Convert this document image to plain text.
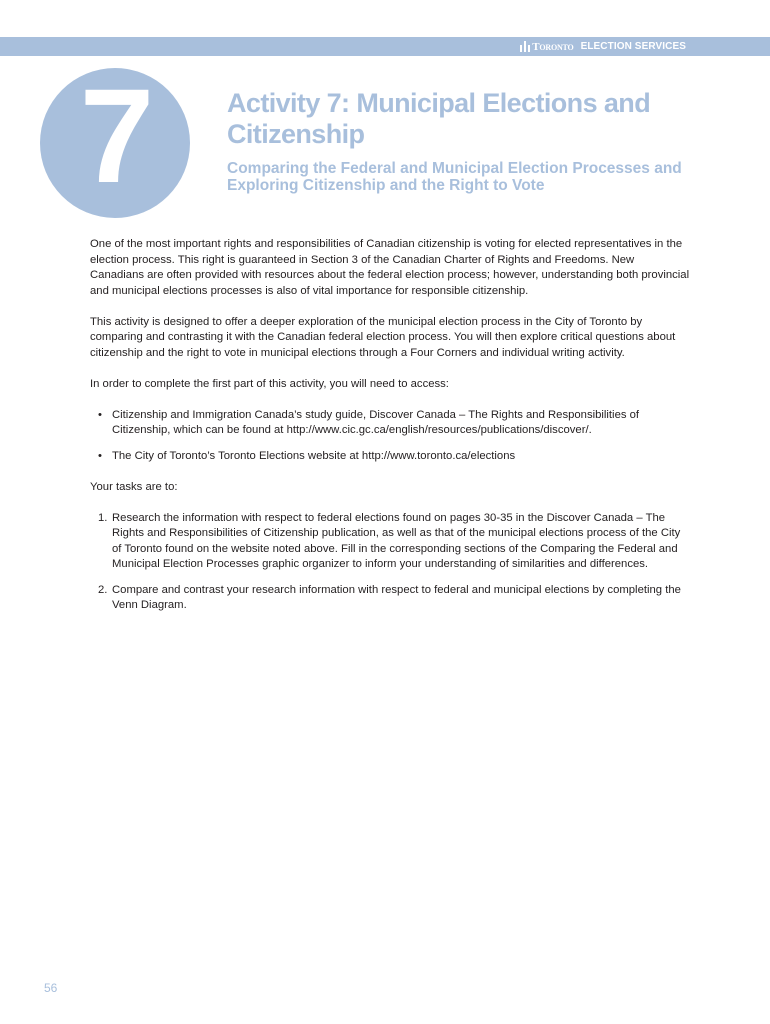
Toronto ELECTION SERVICES
7	Activity 7: Municipal Elections and Citizenship
Comparing the Federal and Municipal Election Processes and Exploring Citizenship and the Right to Vote

One of the most important rights and responsibilities of Canadian citizenship is voting for elected representatives in the election process. This right is guaranteed in Section 3 of the Canadian Charter of Rights and Freedoms. New Canadians are often provided with resources about the federal election process; however, understanding both provincial and municipal elections processes is also of vital importance for responsible citizenship.

This activity is designed to offer a deeper exploration of the municipal election process in the City of Toronto by comparing and contrasting it with the Canadian federal election process. You will then explore critical questions about citizenship and the right to vote in municipal elections through a Four Corners and individual writing activity.

In order to complete the first part of this activity, you will need to access:

• Citizenship and Immigration Canada’s study guide, Discover Canada – The Rights and Responsibilities of Citizenship, which can be found at http://www.cic.gc.ca/english/resources/publications/discover/.
• The City of Toronto’s Toronto Elections website at http://www.toronto.ca/elections

Your tasks are to:

1. Research the information with respect to federal elections found on pages 30-35 in the Discover Canada – The Rights and Responsibilities of Citizenship publication, as well as that of the municipal elections process of the City of Toronto found on the website noted above. Fill in the corresponding sections of the Comparing the Federal and Municipal Election Processes graphic organizer to inform your understanding of similarities and differences.
2. Compare and contrast your research information with respect to federal and municipal elections by completing the Venn Diagram.
56
